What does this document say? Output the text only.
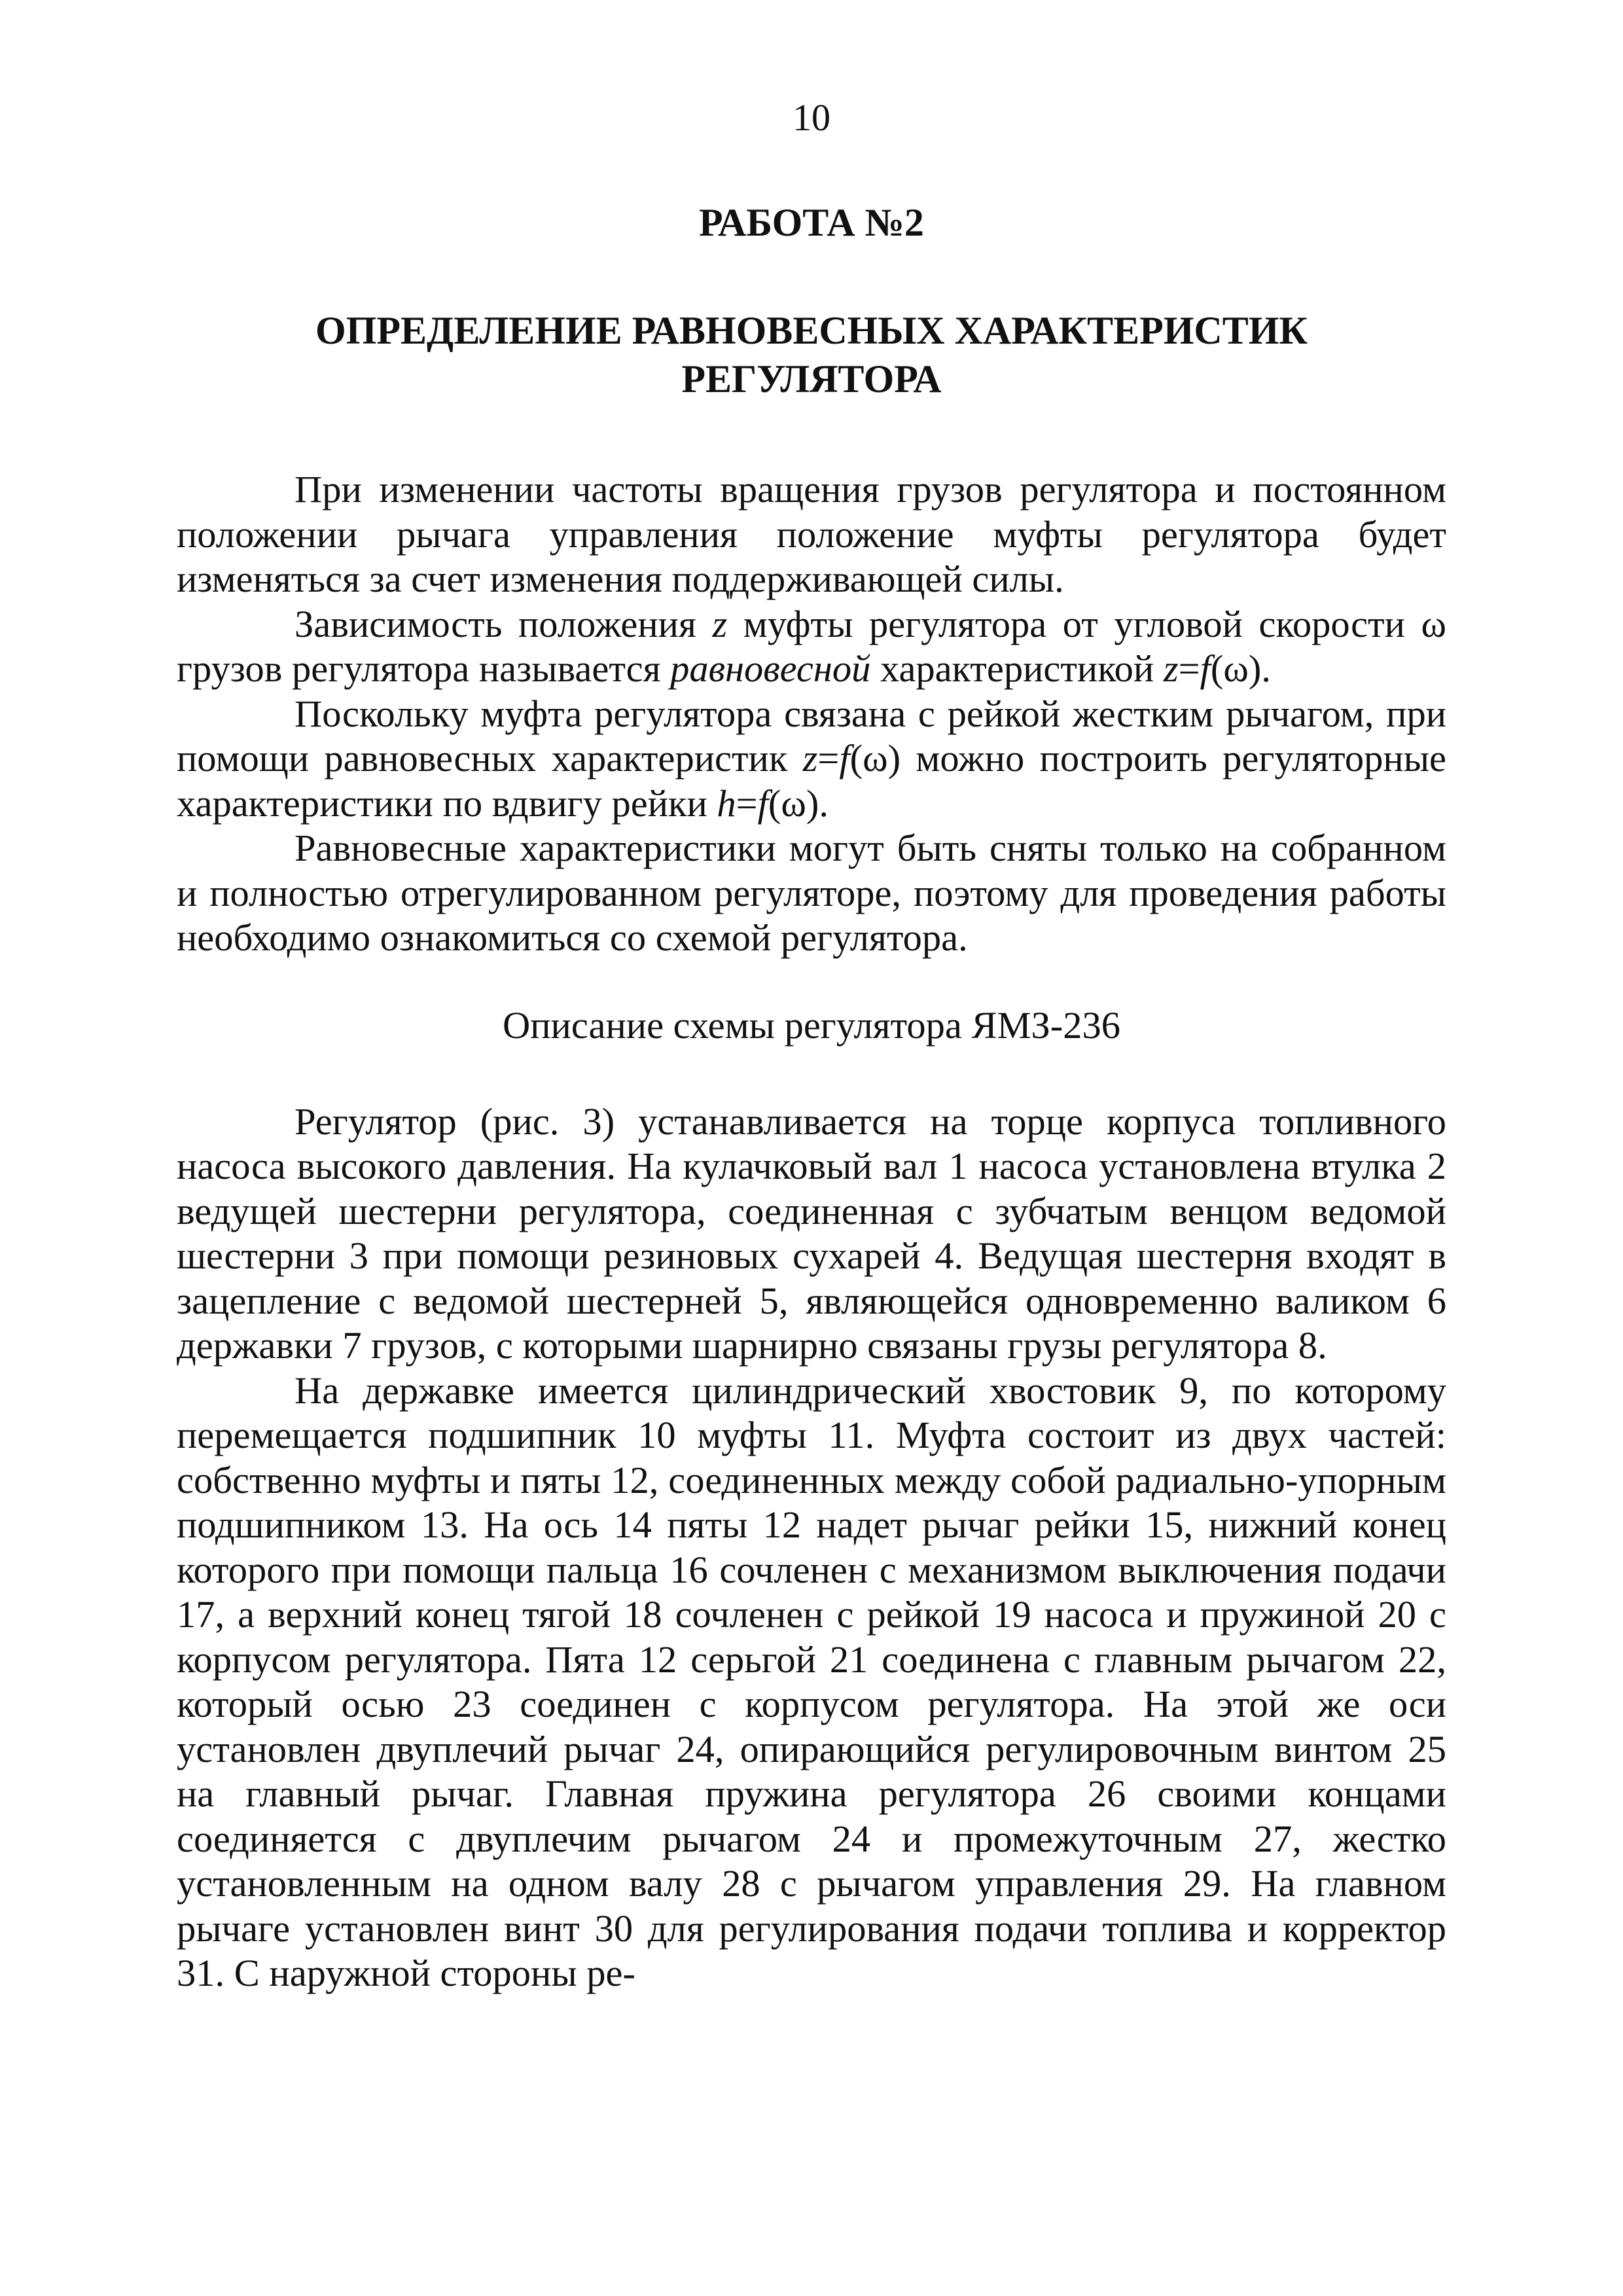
10
РАБОТА №2
ОПРЕДЕЛЕНИЕ РАВНОВЕСНЫХ ХАРАКТЕРИСТИК
РЕГУЛЯТОРА

При изменении частоты вращения грузов регулятора и постоянном положении рычага управления положение муфты регулятора будет изменяться за счет изменения поддерживающей силы.

Зависимость положения z муфты регулятора от угловой скорости ω грузов регулятора называется равновесной характеристикой z=f(ω).

Поскольку муфта регулятора связана с рейкой жестким рычагом, при помощи равновесных характеристик z=f(ω) можно построить регуляторные характеристики по вдвигу рейки h=f(ω).

Равновесные характеристики могут быть сняты только на собранном и полностью отрегулированном регуляторе, поэтому для проведения работы необходимо ознакомиться со схемой регулятора.

Описание схемы регулятора ЯМЗ-236

Регулятор (рис. 3) устанавливается на торце корпуса топливного насоса высокого давления. На кулачковый вал 1 насоса установлена втулка 2 ведущей шестерни регулятора, соединенная с зубчатым венцом ведомой шестерни 3 при помощи резиновых сухарей 4. Ведущая шестерня входят в зацепление с ведомой шестерней 5, являющейся одновременно валиком 6 державки 7 грузов, с которыми шарнирно связаны грузы регулятора 8.

На державке имеется цилиндрический хвостовик 9, по которому перемещается подшипник 10 муфты 11. Муфта состоит из двух частей: собственно муфты и пяты 12, соединенных между собой радиально-упорным подшипником 13. На ось 14 пяты 12 надет рычаг рейки 15, нижний конец которого при помощи пальца 16 сочленен с механизмом выключения подачи 17, а верхний конец тягой 18 сочленен с рейкой 19 насоса и пружиной 20 с корпусом регулятора. Пята 12 серьгой 21 соединена с главным рычагом 22, который осью 23 соединен с корпусом регулятора. На этой же оси установлен двуплечий рычаг 24, опирающийся регулировочным винтом 25 на главный рычаг. Главная пружина регулятора 26 своими концами соединяется с двуплечим рычагом 24 и промежуточным 27, жестко установленным на одном валу 28 с рычагом управления 29. На главном рычаге установлен винт 30 для регулирования подачи топлива и корректор 31. С наружной стороны ре-
